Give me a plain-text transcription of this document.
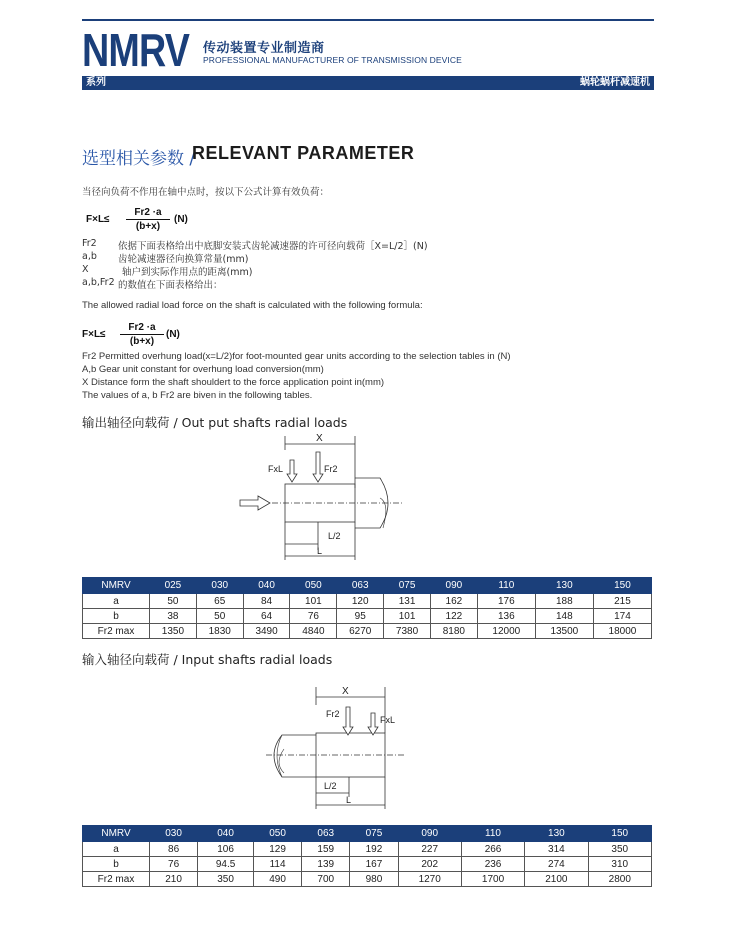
NMRV 传动装置专业制造商
PROFESSIONAL MANUFACTURER OF TRANSMISSION DEVICE
系列	蜗轮蜗杆减速机
选型相关参数 /
RELEVANT PARAMETER
当径向负荷不作用在轴中点时，按以下公式计算有效负荷：
$F\times L\le \frac{Fr2 \cdot a}{(b+x)} (N)$
Fr2 依据下面表格给出中底脚安装式齿轮减速器的许可径向载荷［X=L/2］(N)
a,b 齿轮减速器径向换算常量(mm)
X	轴户到实际作用点的距离(mm)
a,b,Fr2 的数值在下面表格给出：
The allowed radial load force on the shaft is calculated with the following formula:
$F\times L\le \frac{Fr2 \cdot a}{(b+x)} (N)$
Fr2 Permitted overhung load(x=L/2)for foot-mounted gear units according to the selection tables in (N)
A,b Gear unit constant for overhung load conversion(mm)
X Distance form the shaft shouldert to the force application point in(mm)
The values of a, b Fr2 are biven in the following tables.
输出轴径向载荷 / Out put shafts radial loads
X
FxL	Fr2
L/2
L
NMRV	025	030	040	050	063	075	090	110	130	150
a	50	65	84	101	120	131	162	176	188	215
b	38	50	64	76	95	101	122	136	148	174
Fr2 max	1350	1830	3490	4840	6270	7380	8180	12000	13500	18000
输入轴径向载荷 / Input shafts radial loads
X
Fr2
FxL
L/2
L
NMRV	030	040	050	063	075	090	110	130	150
a	86	106	129	159	192	227	266	314	350
b	76	94.5	114	139	167	202	236	274	310
Fr2 max	210	350	490	700	980	1270	1700	2100	2800
